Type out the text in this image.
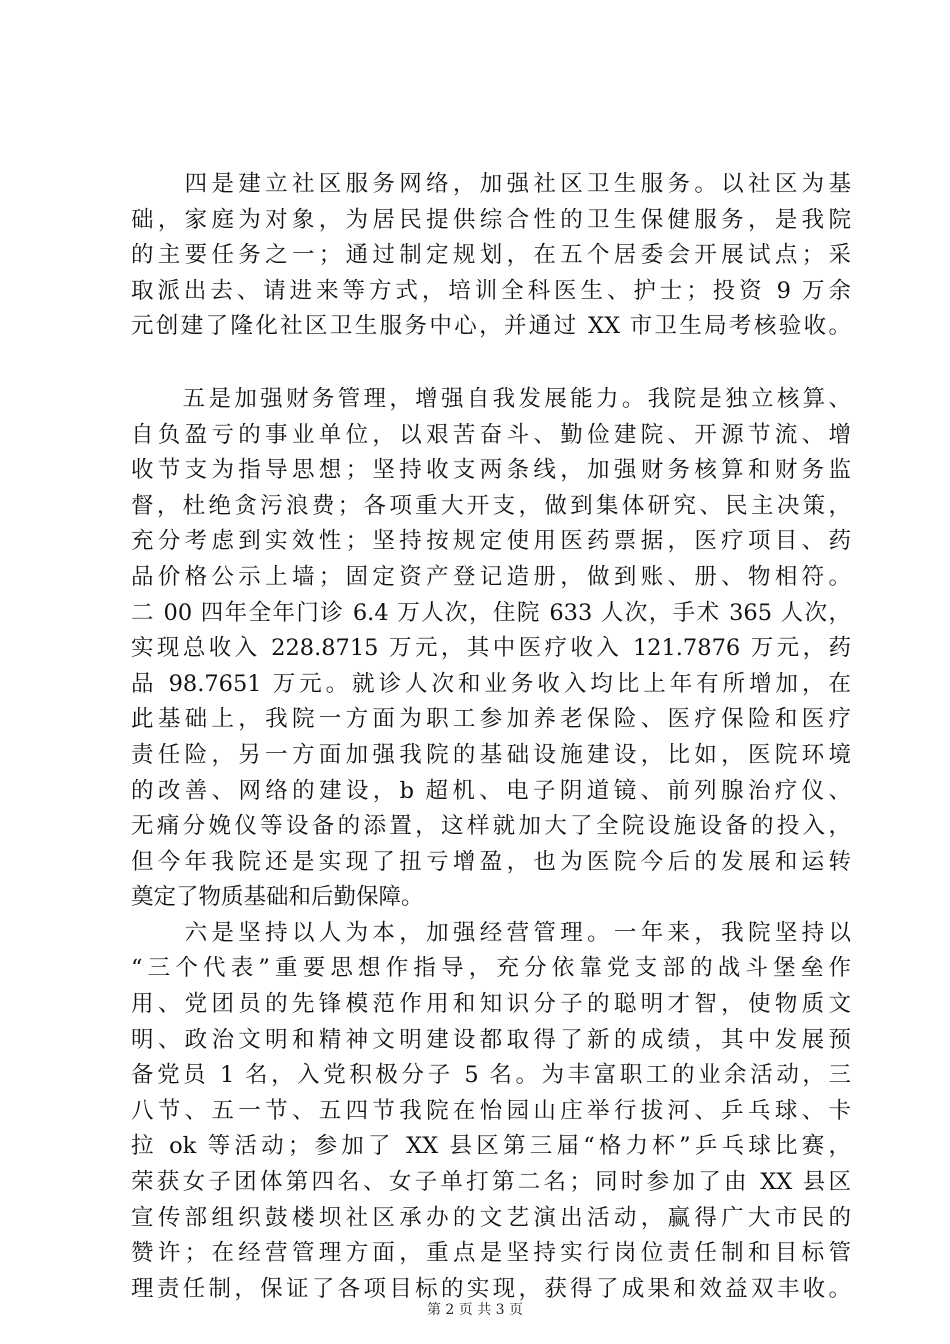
　　四是建立社区服务网络，加强社区卫生服务。以社区为基
础，家庭为对象，为居民提供综合性的卫生保健服务，是我院
的主要任务之一；通过制定规划，在五个居委会开展试点；采
取派出去、请进来等方式，培训全科医生、护士；投资 9 万余
元创建了隆化社区卫生服务中心，并通过 XX 市卫生局考核验收。
　　五是加强财务管理，增强自我发展能力。我院是独立核算、
自负盈亏的事业单位，以艰苦奋斗、勤俭建院、开源节流、增
收节支为指导思想；坚持收支两条线，加强财务核算和财务监
督，杜绝贪污浪费；各项重大开支，做到集体研究、民主决策，
充分考虑到实效性；坚持按规定使用医药票据，医疗项目、药
品价格公示上墙；固定资产登记造册，做到账、册、物相符。
二 00 四年全年门诊 6.4 万人次，住院 633 人次，手术 365 人次，
实现总收入 228.8715 万元，其中医疗收入 121.7876 万元，药
品 98.7651 万元。就诊人次和业务收入均比上年有所增加，在
此基础上，我院一方面为职工参加养老保险、医疗保险和医疗
责任险，另一方面加强我院的基础设施建设，比如，医院环境
的改善、网络的建设，b 超机、电子阴道镜、前列腺治疗仪、
无痛分娩仪等设备的添置，这样就加大了全院设施设备的投入，
但今年我院还是实现了扭亏增盈，也为医院今后的发展和运转
奠定了物质基础和后勤保障。
　　六是坚持以人为本，加强经营管理。一年来，我院坚持以
“三个代表”重要思想作指导，充分依靠党支部的战斗堡垒作
用、党团员的先锋模范作用和知识分子的聪明才智，使物质文
明、政治文明和精神文明建设都取得了新的成绩，其中发展预
备党员 1 名，入党积极分子 5 名。为丰富职工的业余活动，三
八节、五一节、五四节我院在怡园山庄举行拔河、乒乓球、卡
拉 ok 等活动；参加了 XX 县区第三届“格力杯”乒乓球比赛，
荣获女子团体第四名、女子单打第二名；同时参加了由 XX 县区
宣传部组织鼓楼坝社区承办的文艺演出活动，赢得广大市民的
赞许；在经营管理方面，重点是坚持实行岗位责任制和目标管
理责任制，保证了各项目标的实现，获得了成果和效益双丰收。
第 2 页 共 3 页
